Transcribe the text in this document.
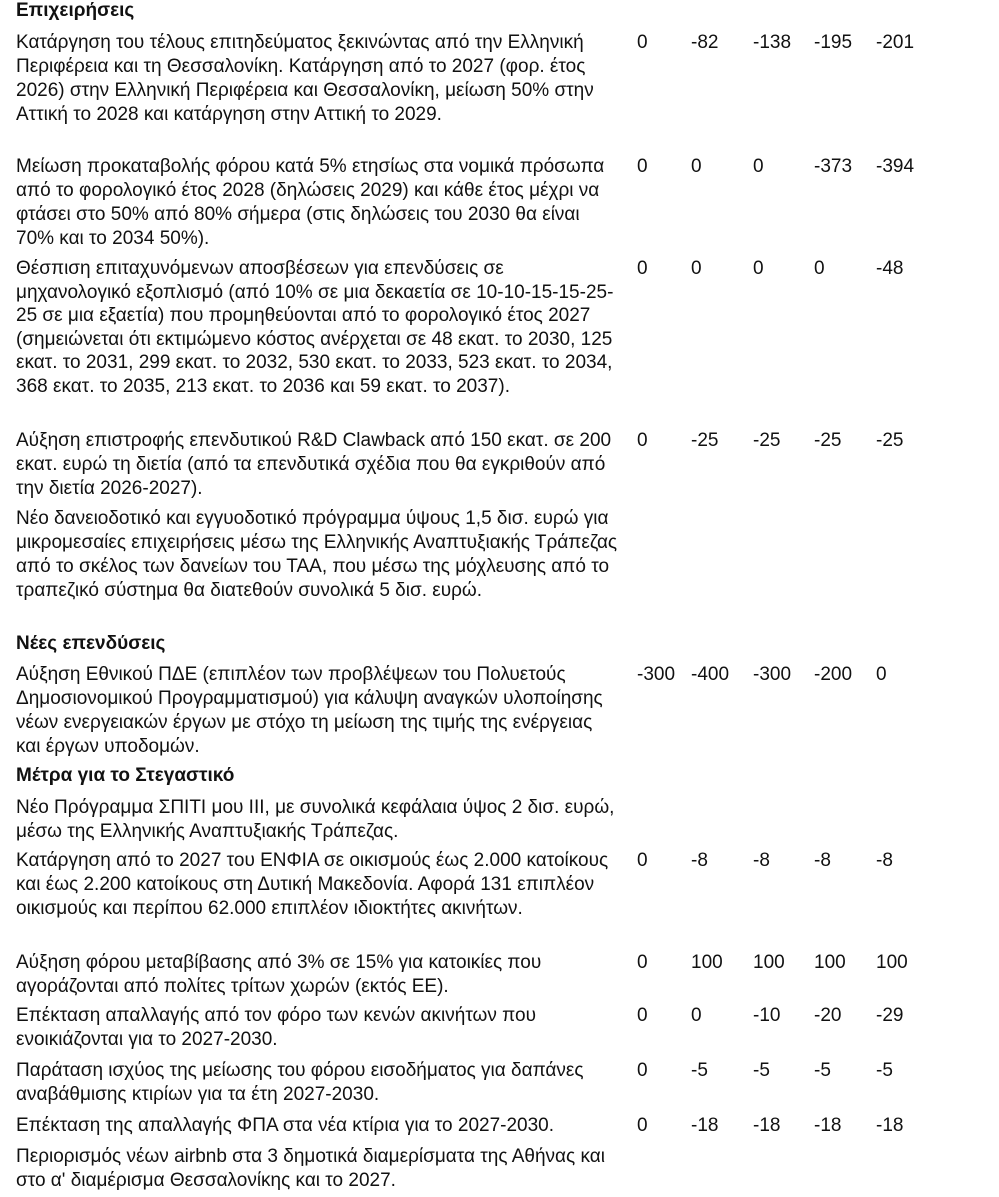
Επιχειρήσεις
Κατάργηση του τέλους επιτηδεύματος ξεκινώντας από την Ελληνική Περιφέρεια και τη Θεσσαλονίκη. Κατάργηση από το 2027 (φορ. έτος 2026) στην Ελληνική Περιφέρεια και Θεσσαλονίκη, μείωση 50% στην Αττική το 2028 και κατάργηση στην Αττική το 2029.
0 -82 -138 -195 -201
Μείωση προκαταβολής φόρου κατά 5% ετησίως στα νομικά πρόσωπα από το φορολογικό έτος 2028 (δηλώσεις 2029) και κάθε έτος μέχρι να φτάσει στο 50% από 80% σήμερα (στις δηλώσεις του 2030 θα είναι 70% και το 2034 50%).
0 0	0	-373 -394
Θέσπιση επιταχυνόμενων αποσβέσεων για επενδύσεις σε μηχανολογικό εξοπλισμό (από 10% σε μια δεκαετία σε 10-10-15-15-25-25 σε μια εξαετία) που προμηθεύονται από το φορολογικό έτος 2027 (σημειώνεται ότι εκτιμώμενο κόστος ανέρχεται σε 48 εκατ. το 2030, 125 εκατ. το 2031, 299 εκατ. το 2032, 530 εκατ. το 2033, 523 εκατ. το 2034, 368 εκατ. το 2035, 213 εκατ. το 2036 και 59 εκατ. το 2037).
0 0	0	0	-48
Αύξηση επιστροφής επενδυτικού R&D Clawback από 150 εκατ. σε 200 εκατ. ευρώ τη διετία (από τα επενδυτικά σχέδια που θα εγκριθούν από την διετία 2026-2027).
0 -25 -25 -25 -25
Νέο δανειοδοτικό και εγγυοδοτικό πρόγραμμα ύψους 1,5 δισ. ευρώ για μικρομεσαίες επιχειρήσεις μέσω της Ελληνικής Αναπτυξιακής Τράπεζας από το σκέλος των δανείων του ΤΑΑ, που μέσω της μόχλευσης από το τραπεζικό σύστημα θα διατεθούν συνολικά 5 δισ. ευρώ.
Νέες επενδύσεις
Αύξηση Εθνικού ΠΔΕ (επιπλέον των προβλέψεων του Πολυετούς Δημοσιονομικού Προγραμματισμού) για κάλυψη αναγκών υλοποίησης νέων ενεργειακών έργων με στόχο τη μείωση της τιμής της ενέργειας και έργων υποδομών.
-300 -400 -300 -200 0
Μέτρα για το Στεγαστικό
Νέο Πρόγραμμα ΣΠΙΤΙ μου ΙΙΙ, με συνολικά κεφάλαια ύψος 2 δισ. ευρώ, μέσω της Ελληνικής Αναπτυξιακής Τράπεζας.
Κατάργηση από το 2027 του ΕΝΦΙΑ σε οικισμούς έως 2.000 κατοίκους και έως 2.200 κατοίκους στη Δυτική Μακεδονία. Αφορά 131 επιπλέον οικισμούς και περίπου 62.000 επιπλέον ιδιοκτήτες ακινήτων.
0 -8 -8 -8 -8
Αύξηση φόρου μεταβίβασης από 3% σε 15% για κατοικίες που αγοράζονται από πολίτες τρίτων χωρών (εκτός ΕΕ).
0 100 100 100 100
Επέκταση απαλλαγής από τον φόρο των κενών ακινήτων που ενοικιάζονται για το 2027-2030.
0 0	-10 -20 -29
Παράταση ισχύος της μείωσης του φόρου εισοδήματος για δαπάνες αναβάθμισης κτιρίων για τα έτη 2027-2030.
0 -5 -5 -5 -5
Επέκταση της απαλλαγής ΦΠΑ στα νέα κτίρια για το 2027-2030.	0 -18 -18 -18 -18
Περιορισμός νέων airbnb στα 3 δημοτικά διαμερίσματα της Αθήνας και στο α' διαμέρισμα Θεσσαλονίκης και το 2027.
